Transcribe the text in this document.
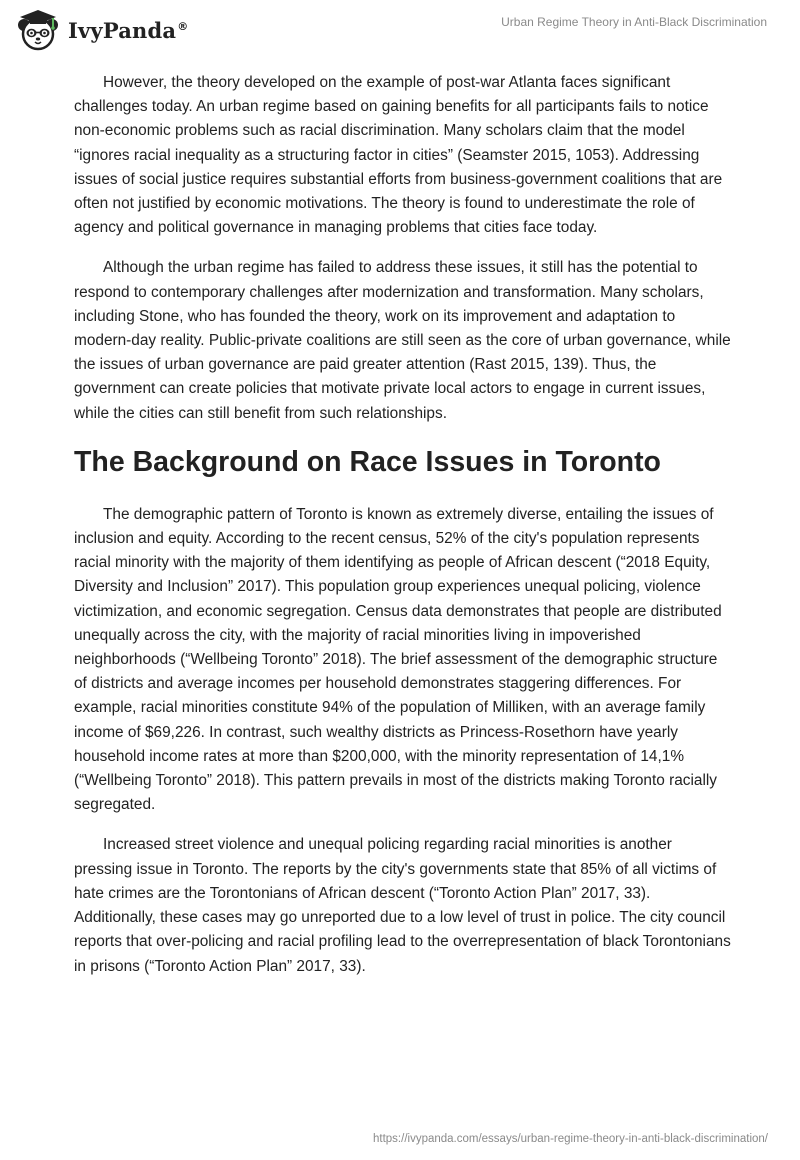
IvyPanda®	Urban Regime Theory in Anti-Black Discrimination

However, the theory developed on the example of post-war Atlanta faces significant challenges today. An urban regime based on gaining benefits for all participants fails to notice non-economic problems such as racial discrimination. Many scholars claim that the model “ignores racial inequality as a structuring factor in cities” (Seamster 2015, 1053). Addressing issues of social justice requires substantial efforts from business-government coalitions that are often not justified by economic motivations. The theory is found to underestimate the role of agency and political governance in managing problems that cities face today.

Although the urban regime has failed to address these issues, it still has the potential to respond to contemporary challenges after modernization and transformation. Many scholars, including Stone, who has founded the theory, work on its improvement and adaptation to modern-day reality. Public-private coalitions are still seen as the core of urban governance, while the issues of urban governance are paid greater attention (Rast 2015, 139). Thus, the government can create policies that motivate private local actors to engage in current issues, while the cities can still benefit from such relationships.

The Background on Race Issues in Toronto

The demographic pattern of Toronto is known as extremely diverse, entailing the issues of inclusion and equity. According to the recent census, 52% of the city's population represents racial minority with the majority of them identifying as people of African descent (“2018 Equity, Diversity and Inclusion” 2017). This population group experiences unequal policing, violence victimization, and economic segregation. Census data demonstrates that people are distributed unequally across the city, with the majority of racial minorities living in impoverished neighborhoods (“Wellbeing Toronto” 2018). The brief assessment of the demographic structure of districts and average incomes per household demonstrates staggering differences. For example, racial minorities constitute 94% of the population of Milliken, with an average family income of $69,226. In contrast, such wealthy districts as Princess-Rosethorn have yearly household income rates at more than $200,000, with the minority representation of 14,1% (“Wellbeing Toronto” 2018). This pattern prevails in most of the districts making Toronto racially segregated.

Increased street violence and unequal policing regarding racial minorities is another pressing issue in Toronto. The reports by the city's governments state that 85% of all victims of hate crimes are the Torontonians of African descent (“Toronto Action Plan” 2017, 33). Additionally, these cases may go unreported due to a low level of trust in police. The city council reports that over-policing and racial profiling lead to the overrepresentation of black Torontonians in prisons (“Toronto Action Plan” 2017, 33).

https://ivypanda.com/essays/urban-regime-theory-in-anti-black-discrimination/
